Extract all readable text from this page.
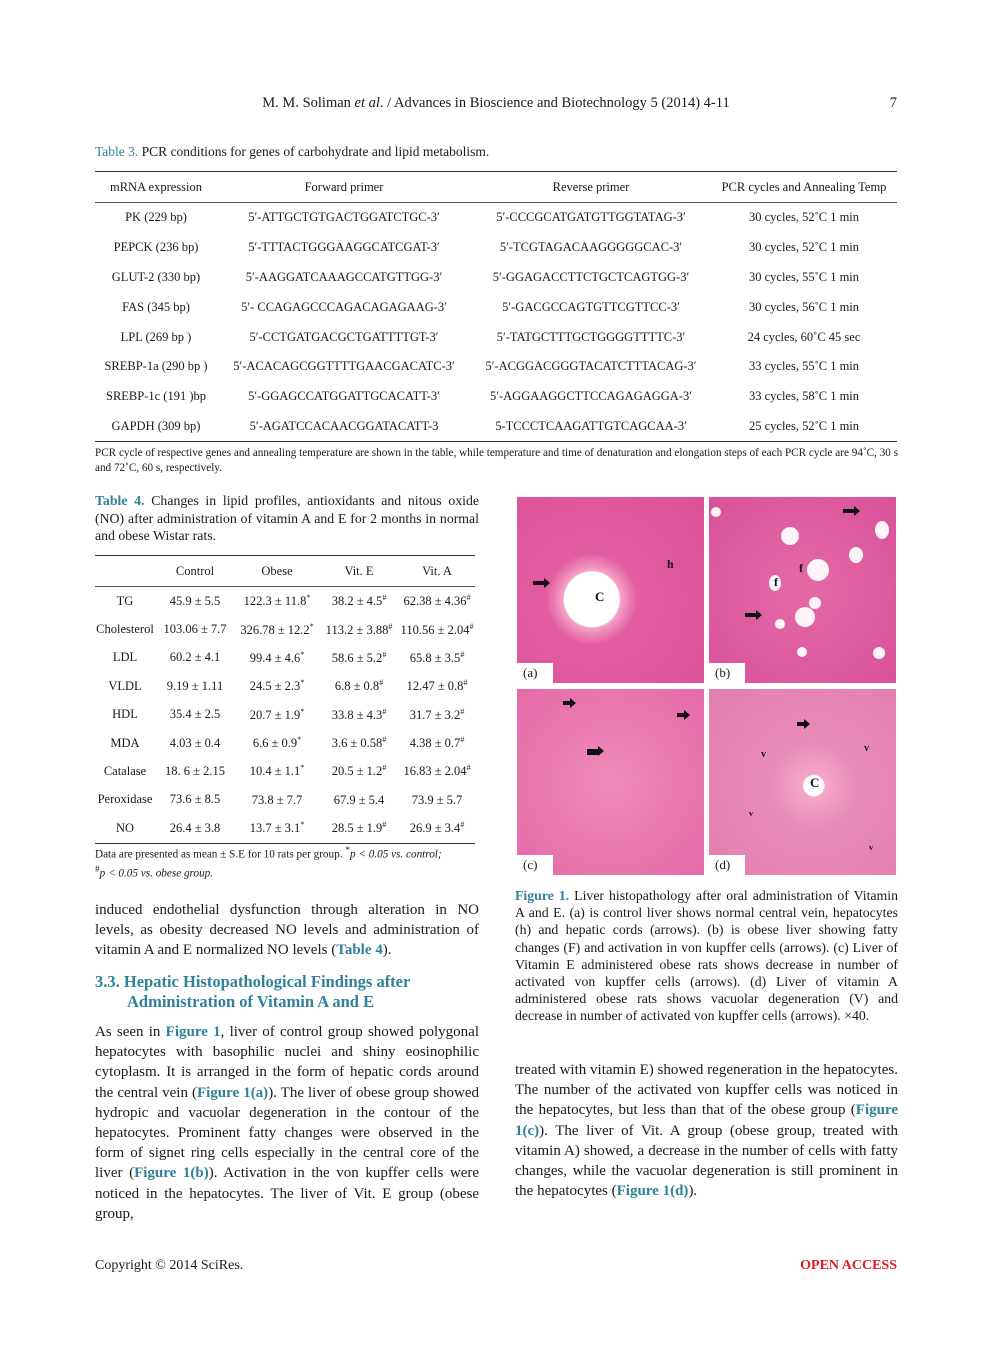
M. M. Soliman et al. / Advances in Bioscience and Biotechnology 5 (2014) 4-11	7
Table 3. PCR conditions for genes of carbohydrate and lipid metabolism.
mRNA expression	Forward primer	Reverse primer	PCR cycles and Annealing Temp
PK (229 bp)	5′-ATTGCTGTGACTGGATCTGC-3′	5′-CCCGCATGATGTTGGTATAG-3′	30 cycles, 52˚C 1 min
PEPCK (236 bp)	5′-TTTACTGGGAAGGCATCGAT-3′	5′-TCGTAGACAAGGGGGCAC-3′	30 cycles, 52˚C 1 min
GLUT-2 (330 bp)	5′-AAGGATCAAAGCCATGTTGG-3′	5′-GGAGACCTTCTGCTCAGTGG-3′	30 cycles, 55˚C 1 min
FAS (345 bp)	5′- CCAGAGCCCAGACAGAGAAG-3′	5′-GACGCCAGTGTTCGTTCC-3′	30 cycles, 56˚C 1 min
LPL (269 bp )	5′-CCTGATGACGCTGATTTTGT-3′	5′-TATGCTTTGCTGGGGTTTTC-3′	24 cycles, 60˚C 45 sec
SREBP-1a (290 bp )	5′-ACACAGCGGTTTTGAACGACATC-3′	5′-ACGGACGGGTACATCTTTACAG-3′	33 cycles, 55˚C 1 min
SREBP-1c (191 )bp	5′-GGAGCCATGGATTGCACATT-3′	5′-AGGAAGGCTTCCAGAGAGGA-3′	33 cycles, 58˚C 1 min
GAPDH (309 bp)	5′-AGATCCACAACGGATACATT-3	5-TCCCTCAAGATTGTCAGCAA-3′	25 cycles, 52˚C 1 min
PCR cycle of respective genes and annealing temperature are shown in the table, while temperature and time of denaturation and elongation steps of each PCR cycle are 94˚C, 30 s and 72˚C, 60 s, respectively.
Table 4. Changes in lipid profiles, antioxidants and nitous oxide (NO) after administration of vitamin A and E for 2 months in normal and obese Wistar rats.
	Control	Obese	Vit. E	Vit. A
TG	45.9 ± 5.5	122.3 ± 11.8*	38.2 ± 4.5#	62.38 ± 4.36#
Cholesterol	103.06 ± 7.7	326.78 ± 12.2*	113.2 ± 3.88#	110.56 ± 2.04#
LDL	60.2 ± 4.1	99.4 ± 4.6*	58.6 ± 5.2#	65.8 ± 3.5#
VLDL	9.19 ± 1.11	24.5 ± 2.3*	6.8 ± 0.8#	12.47 ± 0.8#
HDL	35.4 ± 2.5	20.7 ± 1.9*	33.8 ± 4.3#	31.7 ± 3.2#
MDA	4.03 ± 0.4	6.6 ± 0.9*	3.6 ± 0.58#	4.38 ± 0.7#
Catalase	18. 6 ± 2.15	10.4 ± 1.1*	20.5 ± 1.2#	16.83 ± 2.04#
Peroxidase	73.6 ± 8.5	73.8 ± 7.7	67.9 ± 5.4	73.9 ± 5.7
NO	26.4 ± 3.8	13.7 ± 3.1*	28.5 ± 1.9#	26.9 ± 3.4#
Data are presented as mean ± S.E for 10 rats per group. *p < 0.05 vs. control;
#p < 0.05 vs. obese group.
induced endothelial dysfunction through alteration in NO levels, as obesity decreased NO levels and administration of vitamin A and E normalized NO levels (Table 4).
3.3. Hepatic Histopathological Findings after
Administration of Vitamin A and E
As seen in Figure 1, liver of control group showed polygonal hepatocytes with basophilic nuclei and shiny eosinophilic cytoplasm. It is arranged in the form of hepatic cords around the central vein (Figure 1(a)). The liver of obese group showed hydropic and vacuolar degeneration in the contour of the hepatocytes. Prominent fatty changes were observed in the form of signet ring cells especially in the central core of the liver (Figure 1(b)). Activation in the von kupffer cells were noticed in the hepatocytes. The liver of Vit. E group (obese group,
C
h
(a)
f
f
(b)
(c)
C
v
v
v
v
(d)
Figure 1. Liver histopathology after oral administration of Vitamin A and E. (a) is control liver shows normal central vein, hepatocytes (h) and hepatic cords (arrows). (b) is obese liver showing fatty changes (F) and activation in von kupffer cells (arrows). (c) Liver of Vitamin E administered obese rats shows decrease in number of activated von kupffer cells (arrows). (d) Liver of vitamin A administered obese rats shows vacuolar degeneration (V) and decrease in number of activated von kupffer cells (arrows). ×40.
treated with vitamin E) showed regeneration in the hepatocytes. The number of the activated von kupffer cells was noticed in the hepatocytes, but less than that of the obese group (Figure 1(c)). The liver of Vit. A group (obese group, treated with vitamin A) showed, a decrease in the number of cells with fatty changes, while the vacuolar degeneration is still prominent in the hepatocytes (Figure 1(d)).
Copyright © 2014 SciRes.	OPEN ACCESS
